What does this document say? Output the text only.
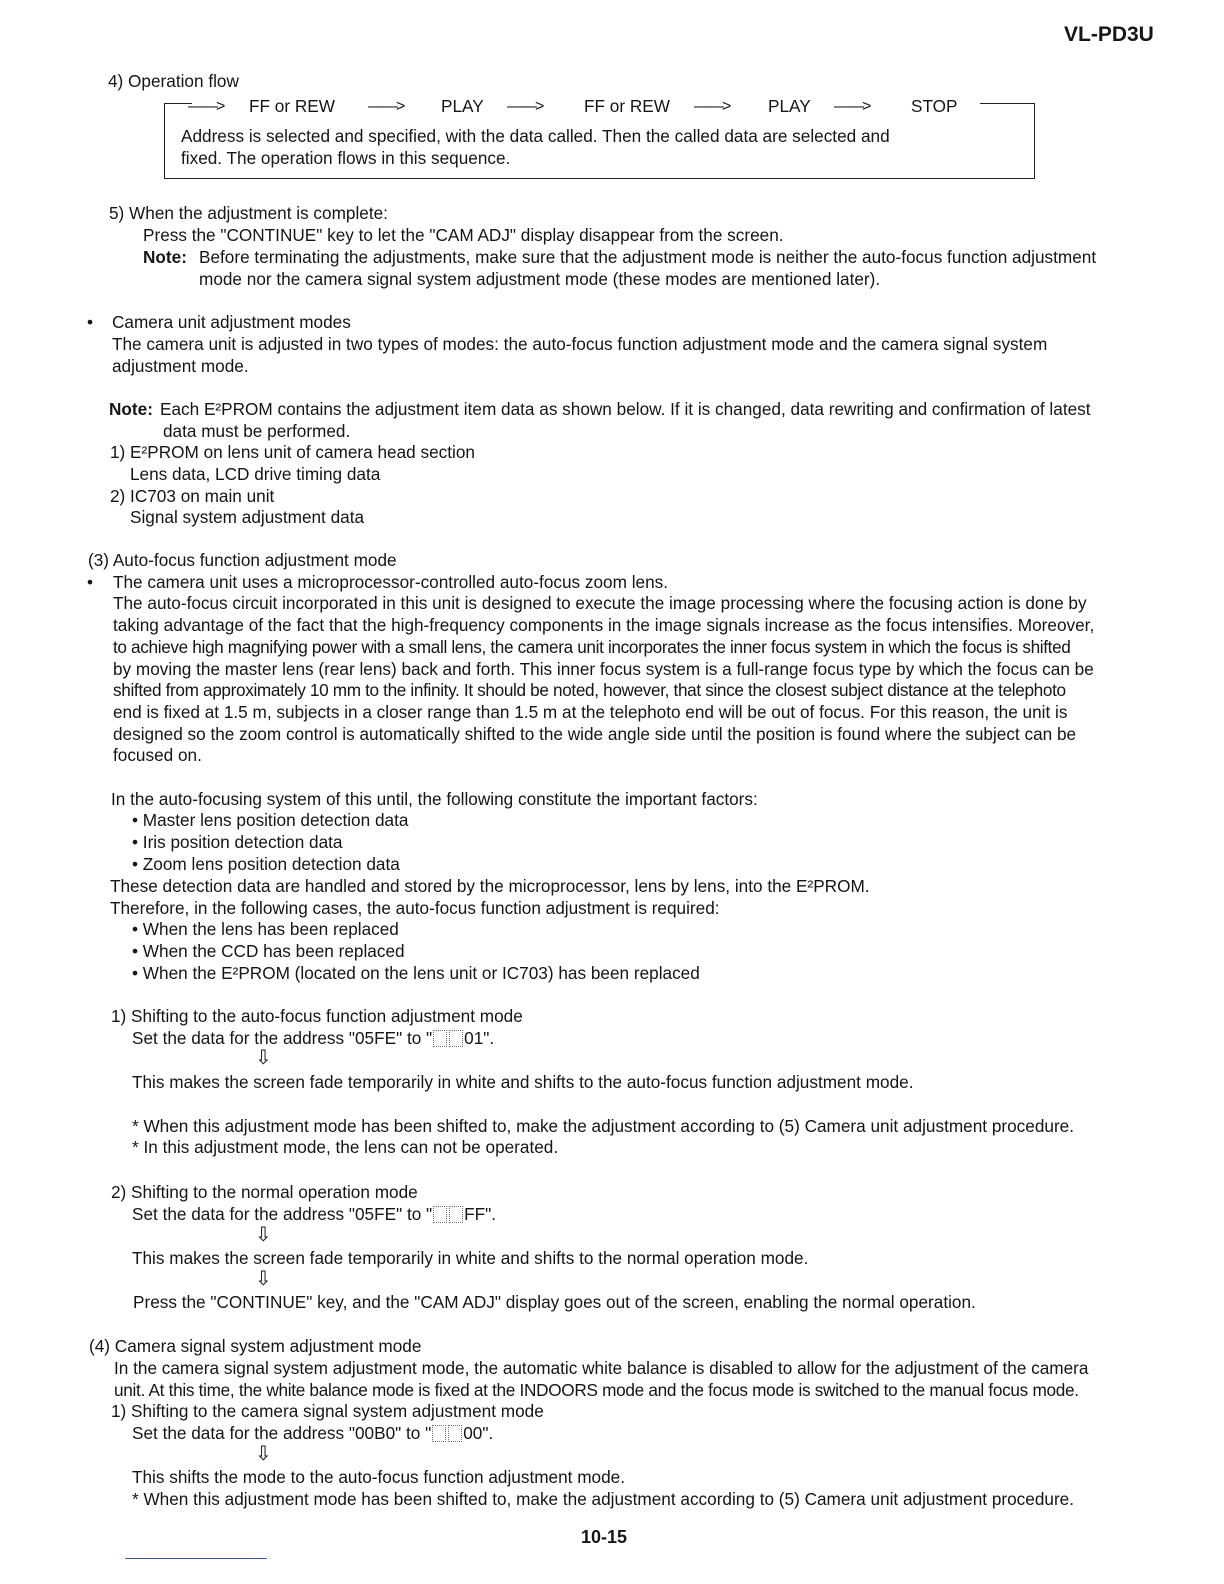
VL-PD3U
4) Operation flow
——> FF or REW ——> PLAY ——> FF or REW ——> PLAY ——> STOP
Address is selected and specified, with the data called. Then the called data are selected and
fixed. The operation flows in this sequence.
5) When the adjustment is complete:
Press the "CONTINUE" key to let the "CAM ADJ" display disappear from the screen.
Note: Before terminating the adjustments, make sure that the adjustment mode is neither the auto-focus function adjustment
mode nor the camera signal system adjustment mode (these modes are mentioned later).
• Camera unit adjustment modes
The camera unit is adjusted in two types of modes: the auto-focus function adjustment mode and the camera signal system
adjustment mode.
Note: Each E²PROM contains the adjustment item data as shown below. If it is changed, data rewriting and confirmation of latest
data must be performed.
1) E²PROM on lens unit of camera head section
Lens data, LCD drive timing data
2) IC703 on main unit
Signal system adjustment data
(3) Auto-focus function adjustment mode
• The camera unit uses a microprocessor-controlled auto-focus zoom lens.
The auto-focus circuit incorporated in this unit is designed to execute the image processing where the focusing action is done by
taking advantage of the fact that the high-frequency components in the image signals increase as the focus intensifies. Moreover,
to achieve high magnifying power with a small lens, the camera unit incorporates the inner focus system in which the focus is shifted
by moving the master lens (rear lens) back and forth. This inner focus system is a full-range focus type by which the focus can be
shifted from approximately 10 mm to the infinity. It should be noted, however, that since the closest subject distance at the telephoto
end is fixed at 1.5 m, subjects in a closer range than 1.5 m at the telephoto end will be out of focus. For this reason, the unit is
designed so the zoom control is automatically shifted to the wide angle side until the position is found where the subject can be
focused on.
In the auto-focusing system of this until, the following constitute the important factors:
• Master lens position detection data
• Iris position detection data
• Zoom lens position detection data
These detection data are handled and stored by the microprocessor, lens by lens, into the E²PROM.
Therefore, in the following cases, the auto-focus function adjustment is required:
• When the lens has been replaced
• When the CCD has been replaced
• When the E²PROM (located on the lens unit or IC703) has been replaced
1) Shifting to the auto-focus function adjustment mode
Set the data for the address "05FE" to " 01".
⇩
This makes the screen fade temporarily in white and shifts to the auto-focus function adjustment mode.
* When this adjustment mode has been shifted to, make the adjustment according to (5) Camera unit adjustment procedure.
* In this adjustment mode, the lens can not be operated.
2) Shifting to the normal operation mode
Set the data for the address "05FE" to " FF".
⇩
This makes the screen fade temporarily in white and shifts to the normal operation mode.
⇩
Press the "CONTINUE" key, and the "CAM ADJ" display goes out of the screen, enabling the normal operation.
(4) Camera signal system adjustment mode
In the camera signal system adjustment mode, the automatic white balance is disabled to allow for the adjustment of the camera
unit. At this time, the white balance mode is fixed at the INDOORS mode and the focus mode is switched to the manual focus mode.
1) Shifting to the camera signal system adjustment mode
Set the data for the address "00B0" to " 00".
⇩
This shifts the mode to the auto-focus function adjustment mode.
* When this adjustment mode has been shifted to, make the adjustment according to (5) Camera unit adjustment procedure.
10-15
